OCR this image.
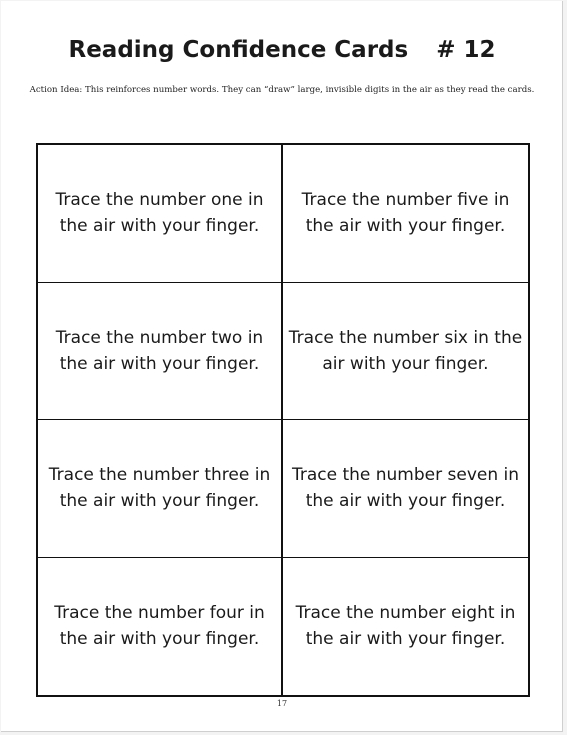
Reading Confidence Cards # 12
Action Idea: This reinforces number words. They can “draw” large, invisible digits in the air as they read the cards.
Trace the number one in
the air with your finger.
Trace the number five in
the air with your finger.
Trace the number two in
the air with your finger.
Trace the number six in the
air with your finger.
Trace the number three in
the air with your finger.
Trace the number seven in
the air with your finger.
Trace the number four in
the air with your finger.
Trace the number eight in
the air with your finger.
17
